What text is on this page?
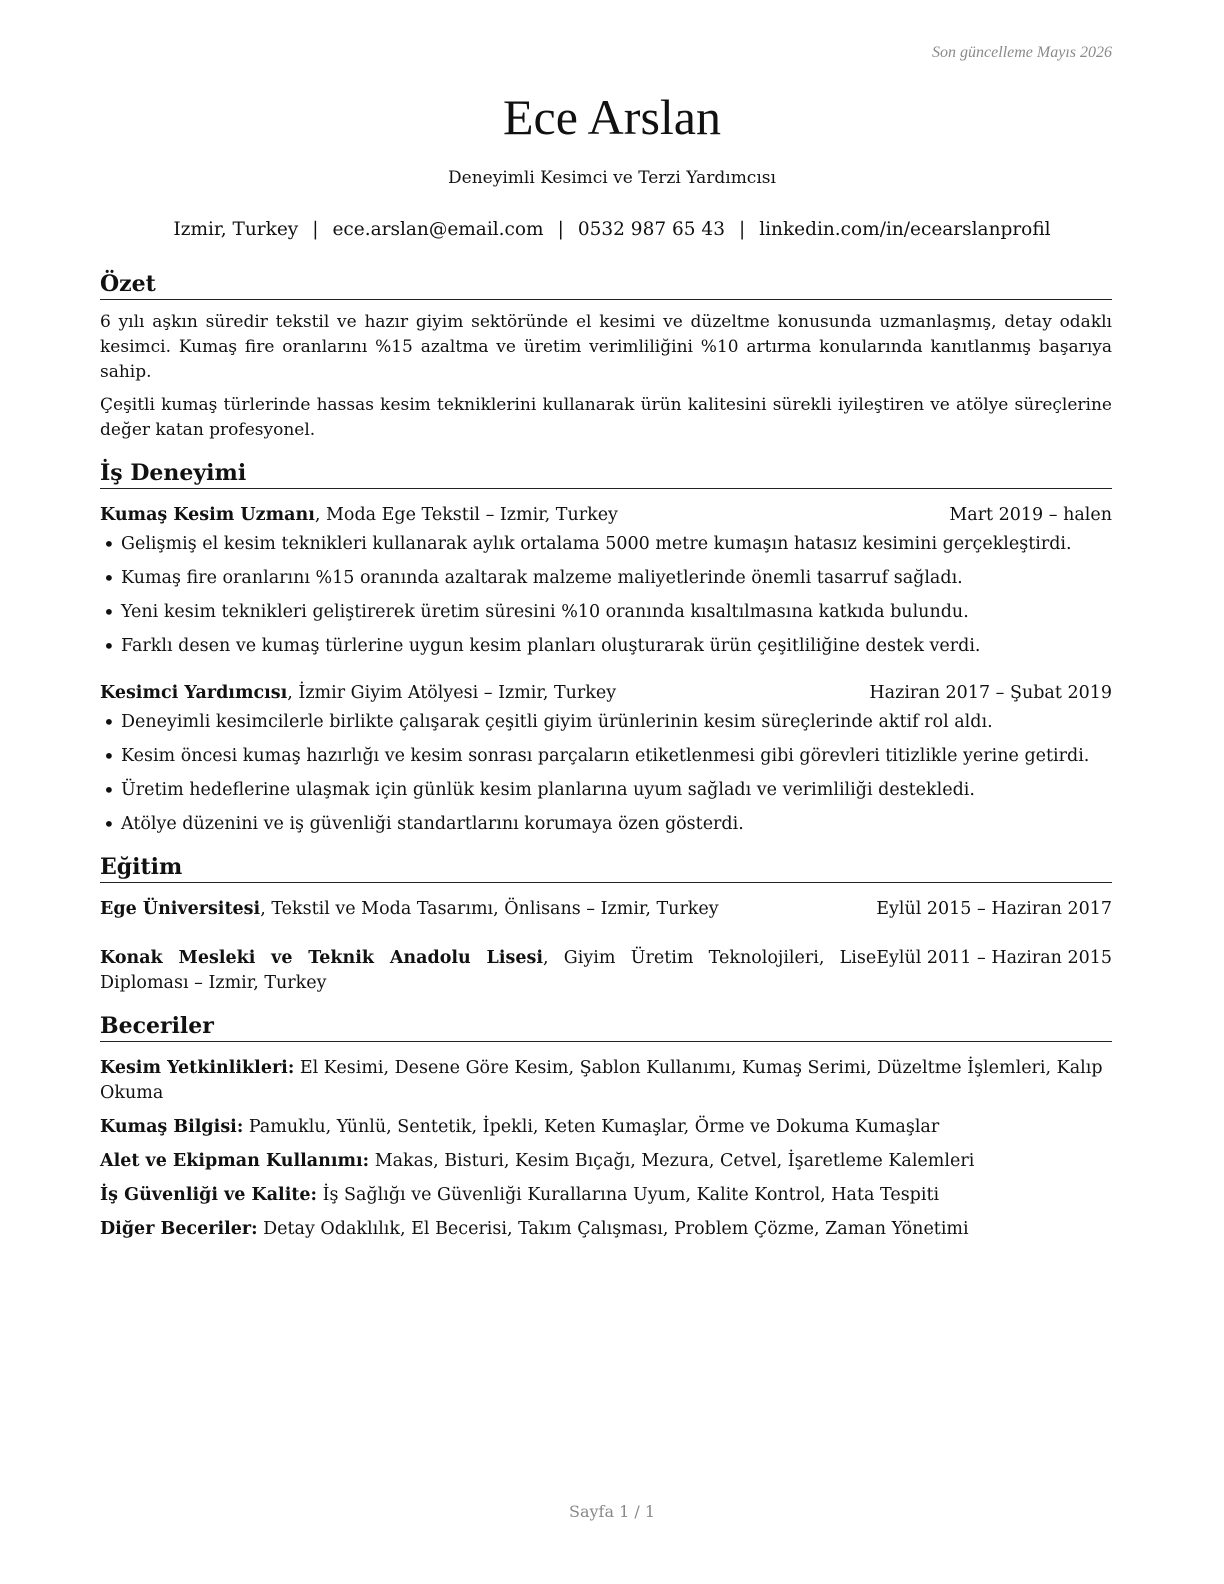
Son güncelleme Mayıs 2026
Ece Arslan

Deneyimli Kesimci ve Terzi Yardımcısı

Izmir, Turkey | ece.arslan@email.com | 0532 987 65 43 | linkedin.com/in/ecearslanprofil
Özet

6 yılı aşkın süredir tekstil ve hazır giyim sektöründe el kesimi ve düzeltme konusunda uzmanlaşmış, detay odaklı kesimci. Kumaş fire oranlarını %15 azaltma ve üretim verimliliğini %10 artırma konularında kanıtlanmış başarıya sahip.

Çeşitli kumaş türlerinde hassas kesim tekniklerini kullanarak ürün kalitesini sürekli iyileştiren ve atölye süreçlerine değer katan profesyonel.

İş Deneyimi
Kumaş Kesim Uzmanı, Moda Ege Tekstil – Izmir, Turkey	Mart 2019 – halen
• Gelişmiş el kesim teknikleri kullanarak aylık ortalama 5000 metre kumaşın hatasız kesimini gerçekleştirdi.
• Kumaş fire oranlarını %15 oranında azaltarak malzeme maliyetlerinde önemli tasarruf sağladı.
• Yeni kesim teknikleri geliştirerek üretim süresini %10 oranında kısaltılmasına katkıda bulundu.
• Farklı desen ve kumaş türlerine uygun kesim planları oluşturarak ürün çeşitliliğine destek verdi.
Kesimci Yardımcısı, İzmir Giyim Atölyesi – Izmir, Turkey	Haziran 2017 – Şubat 2019
• Deneyimli kesimcilerle birlikte çalışarak çeşitli giyim ürünlerinin kesim süreçlerinde aktif rol aldı.
• Kesim öncesi kumaş hazırlığı ve kesim sonrası parçaların etiketlenmesi gibi görevleri titizlikle yerine getirdi.
• Üretim hedeflerine ulaşmak için günlük kesim planlarına uyum sağladı ve verimliliği destekledi.
• Atölye düzenini ve iş güvenliği standartlarını korumaya özen gösterdi.
Eğitim
Eylül 2015 – Haziran 2017
Ege Üniversitesi, Tekstil ve Moda Tasarımı, Önlisans – Izmir, Turkey
Eylül 2011 – Haziran 2015
Konak Mesleki ve Teknik Anadolu Lisesi, Giyim Üretim Teknolojileri, Lise Diploması – Izmir, Turkey
Beceriler
Kesim Yetkinlikleri: El Kesimi, Desene Göre Kesim, Şablon Kullanımı, Kumaş Serimi, Düzeltme İşlemleri, Kalıp Okuma
Kumaş Bilgisi: Pamuklu, Yünlü, Sentetik, İpekli, Keten Kumaşlar, Örme ve Dokuma Kumaşlar
Alet ve Ekipman Kullanımı: Makas, Bisturi, Kesim Bıçağı, Mezura, Cetvel, İşaretleme Kalemleri
İş Güvenliği ve Kalite: İş Sağlığı ve Güvenliği Kurallarına Uyum, Kalite Kontrol, Hata Tespiti
Diğer Beceriler: Detay Odaklılık, El Becerisi, Takım Çalışması, Problem Çözme, Zaman Yönetimi
Sayfa 1 / 1
